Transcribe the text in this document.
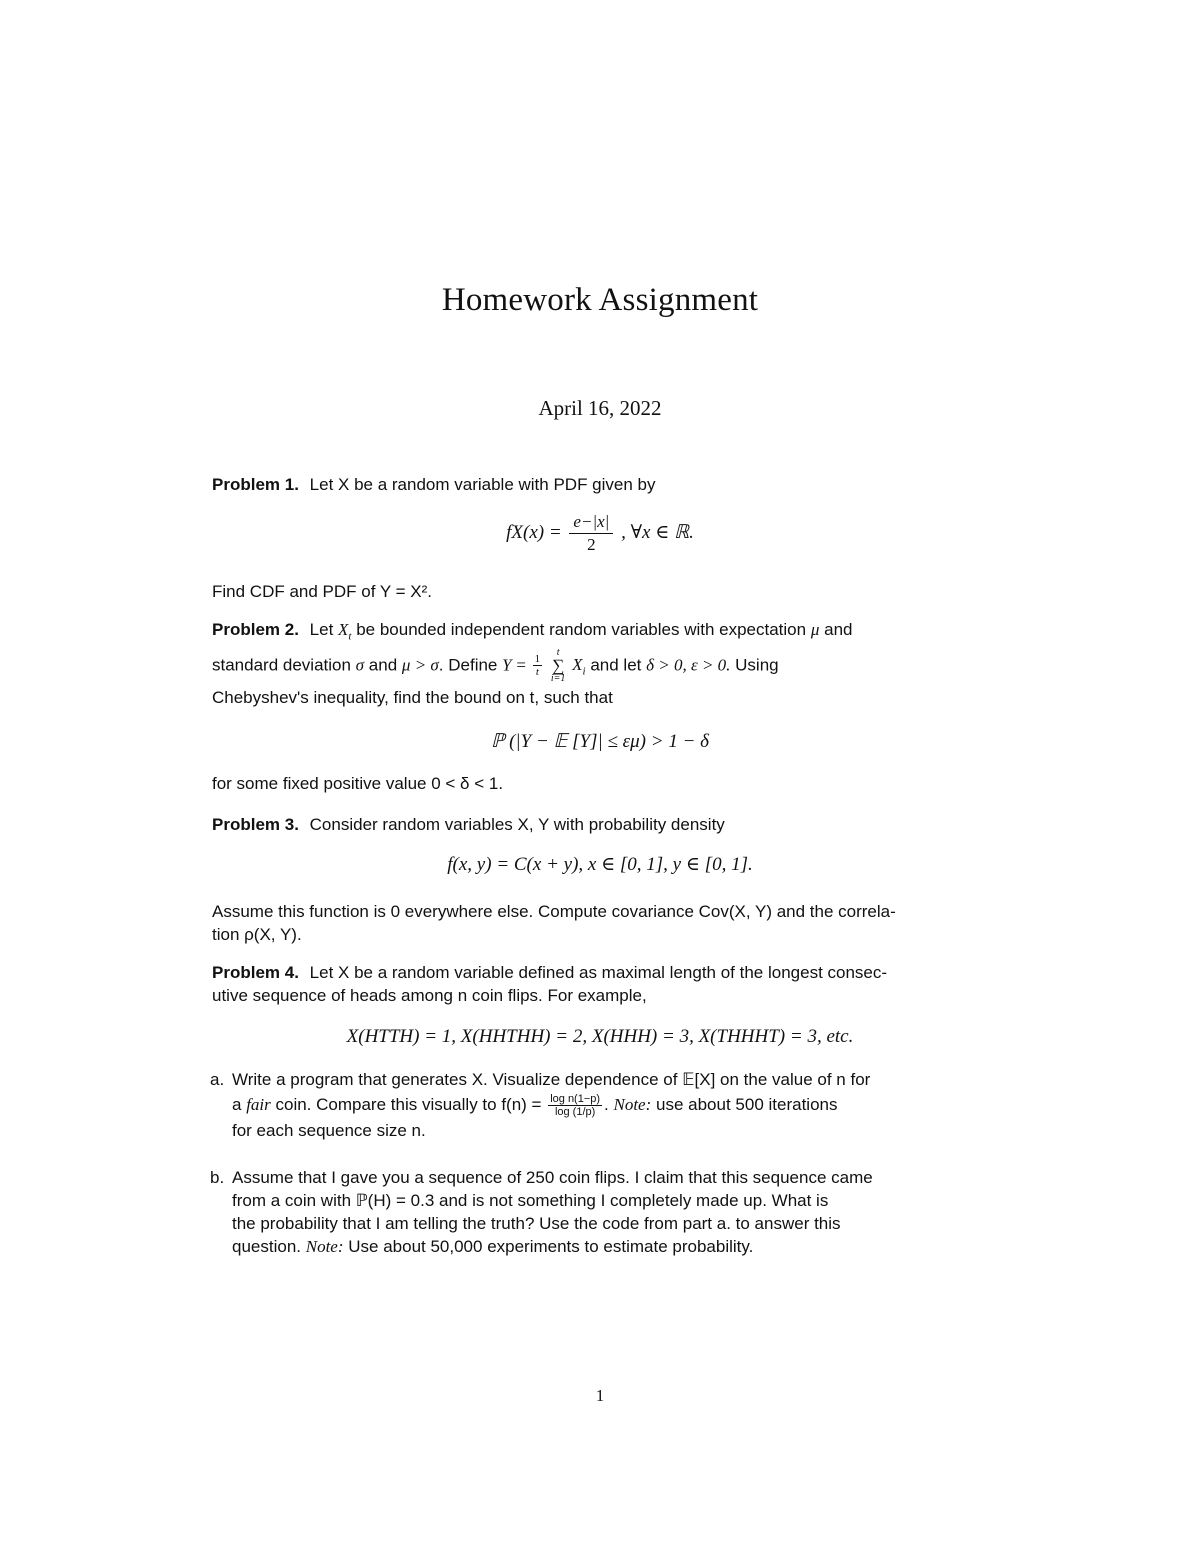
Homework Assignment
April 16, 2022
Problem 1. Let X be a random variable with PDF given by
$fX(x) = \frac{e-|x|}{2}$ , ∀x ∈ ℝ.
Find CDF and PDF of Y = X².
Problem 2. Let $X_t$ be bounded independent random variables with expectation μ and
standard deviation σ and μ > σ. Define $Y = \frac{1}{t}$
t
∑
i=1 $X_i$ and let δ > 0, ε > 0. Using
Chebyshev's inequality, find the bound on t, such that
ℙ (|Y − 𝔼 [Y]| ≤ εμ) > 1 − δ
for some fixed positive value 0 < δ < 1.
Problem 3. Consider random variables X, Y with probability density
f(x, y) = C(x + y), x ∈ [0, 1], y ∈ [0, 1].
Assume this function is 0 everywhere else. Compute covariance Cov(X, Y) and the correla-
tion ρ(X, Y).
Problem 4. Let X be a random variable defined as maximal length of the longest consec-
utive sequence of heads among n coin flips. For example,
X(HTTH) = 1, X(HHTHH) = 2, X(HHH) = 3, X(THHHT) = 3, etc.
a. Write a program that generates X. Visualize dependence of 𝔼[X] on the value of n for
a fair coin. Compare this visually to $f(n) = \frac{\text{log n(1−p)}}{\log (1/p)}$ . Note: use about 500 iterations
for each sequence size n.
b. Assume that I gave you a sequence of 250 coin flips. I claim that this sequence came
from a coin with ℙ(H) = 0.3 and is not something I completely made up. What is
the probability that I am telling the truth? Use the code from part a. to answer this
question. Note: Use about 50,000 experiments to estimate probability.
1
